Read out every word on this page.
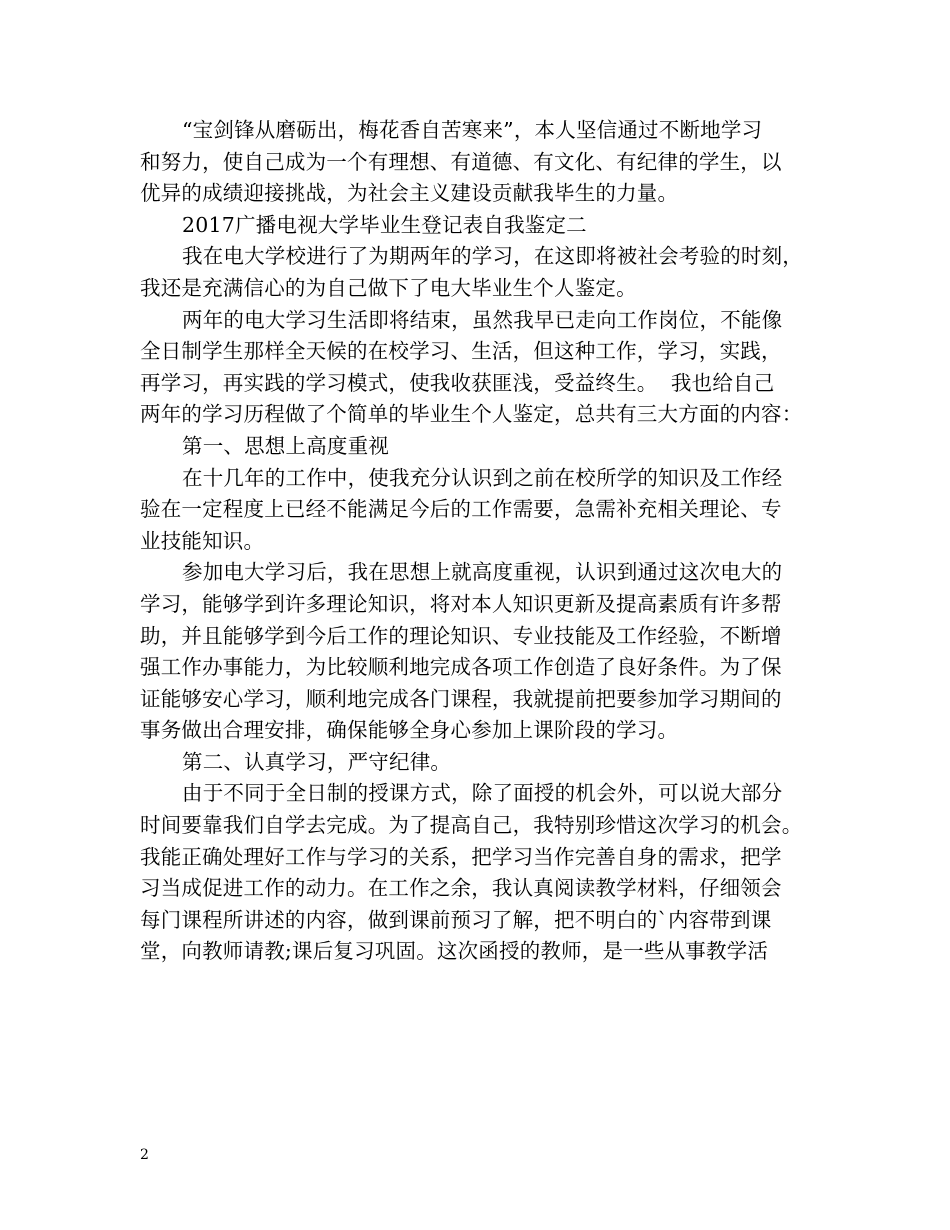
“宝剑锋从磨砺出，梅花香自苦寒来”，本人坚信通过不断地学习
和努力，使自己成为一个有理想、有道德、有文化、有纪律的学生，以
优异的成绩迎接挑战，为社会主义建设贡献我毕生的力量。
2017广播电视大学毕业生登记表自我鉴定二
我在电大学校进行了为期两年的学习，在这即将被社会考验的时刻，
我还是充满信心的为自己做下了电大毕业生个人鉴定。
两年的电大学习生活即将结束，虽然我早已走向工作岗位，不能像
全日制学生那样全天候的在校学习、生活，但这种工作，学习，实践，
再学习，再实践的学习模式，使我收获匪浅，受益终生。  我也给自己
两年的学习历程做了个简单的毕业生个人鉴定，总共有三大方面的内容：
第一、思想上高度重视
在十几年的工作中，使我充分认识到之前在校所学的知识及工作经
验在一定程度上已经不能满足今后的工作需要，急需补充相关理论、专
业技能知识。
参加电大学习后，我在思想上就高度重视，认识到通过这次电大的
学习，能够学到许多理论知识，将对本人知识更新及提高素质有许多帮
助，并且能够学到今后工作的理论知识、专业技能及工作经验，不断增
强工作办事能力，为比较顺利地完成各项工作创造了良好条件。为了保
证能够安心学习，顺利地完成各门课程，我就提前把要参加学习期间的
事务做出合理安排，确保能够全身心参加上课阶段的学习。
第二、认真学习，严守纪律。
由于不同于全日制的授课方式，除了面授的机会外，可以说大部分
时间要靠我们自学去完成。为了提高自己，我特别珍惜这次学习的机会。
我能正确处理好工作与学习的关系，把学习当作完善自身的需求，把学
习当成促进工作的动力。在工作之余，我认真阅读教学材料，仔细领会
每门课程所讲述的内容，做到课前预习了解，把不明白的`内容带到课
堂，向教师请教;课后复习巩固。这次函授的教师，是一些从事教学活
2
